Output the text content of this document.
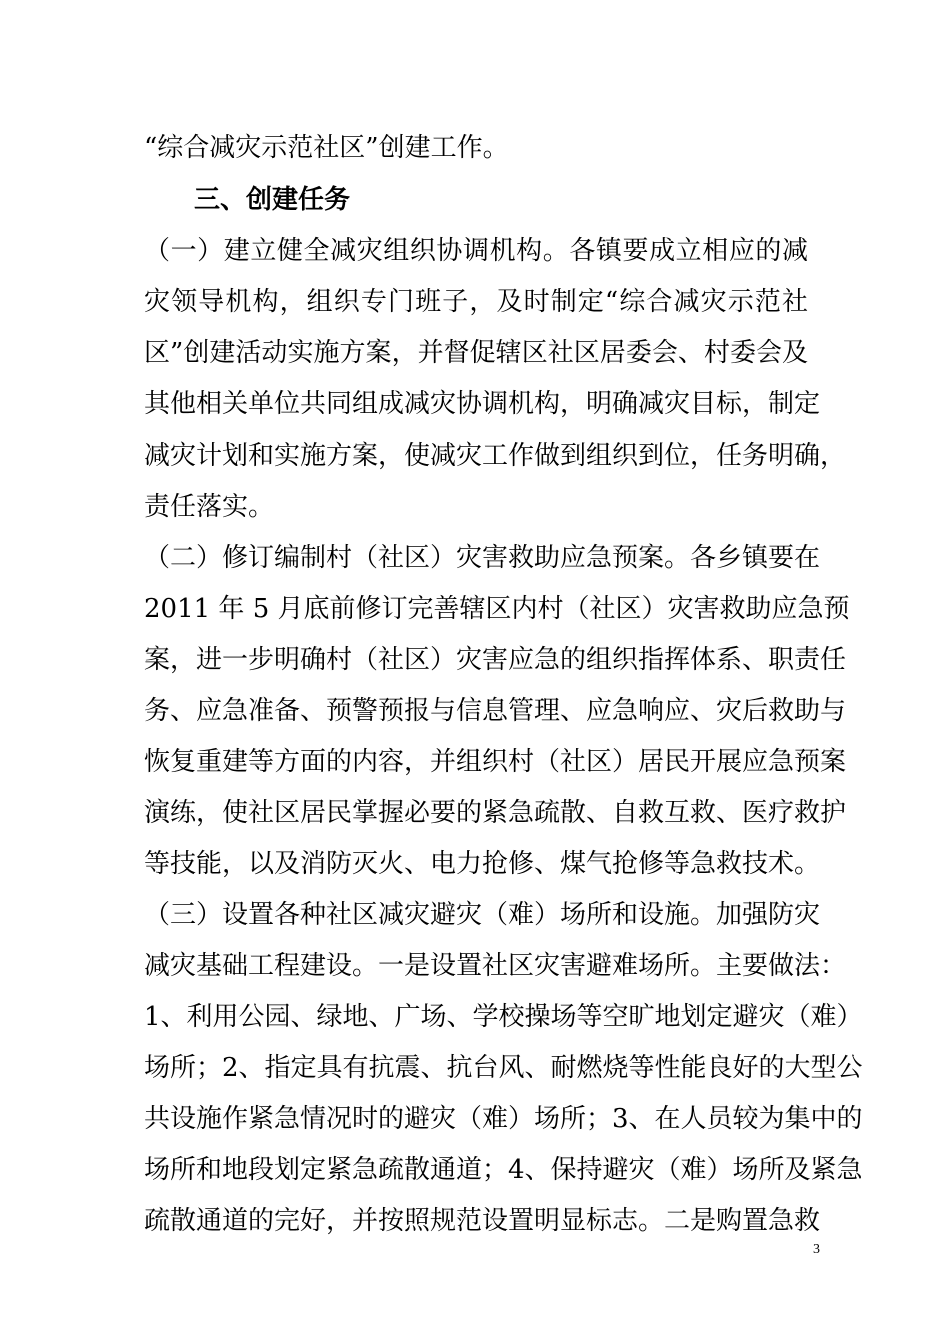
“综合减灾示范社区”创建工作。
三、创建任务
（一）建立健全减灾组织协调机构。各镇要成立相应的减
灾领导机构，组织专门班子，及时制定“综合减灾示范社
区”创建活动实施方案，并督促辖区社区居委会、村委会及
其他相关单位共同组成减灾协调机构，明确减灾目标，制定
减灾计划和实施方案，使减灾工作做到组织到位，任务明确，
责任落实。
（二）修订编制村（社区）灾害救助应急预案。各乡镇要在
2011 年 5 月底前修订完善辖区内村（社区）灾害救助应急预
案，进一步明确村（社区）灾害应急的组织指挥体系、职责任
务、应急准备、预警预报与信息管理、应急响应、灾后救助与
恢复重建等方面的内容，并组织村（社区）居民开展应急预案
演练，使社区居民掌握必要的紧急疏散、自救互救、医疗救护
等技能，以及消防灭火、电力抢修、煤气抢修等急救技术。
（三）设置各种社区减灾避灾（难）场所和设施。加强防灾
减灾基础工程建设。一是设置社区灾害避难场所。主要做法：
1、利用公园、绿地、广场、学校操场等空旷地划定避灾（难）
场所；2、指定具有抗震、抗台风、耐燃烧等性能良好的大型公
共设施作紧急情况时的避灾（难）场所；3、在人员较为集中的
场所和地段划定紧急疏散通道；4、保持避灾（难）场所及紧急
疏散通道的完好，并按照规范设置明显标志。二是购置急救
3
